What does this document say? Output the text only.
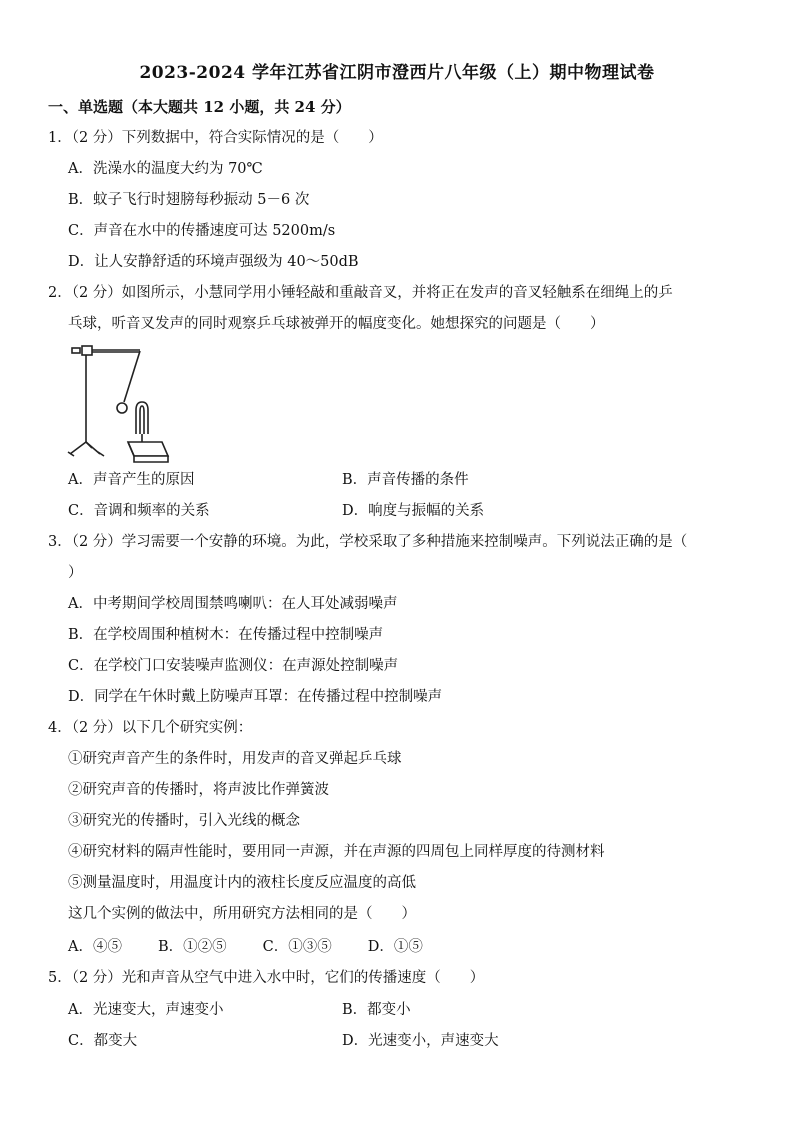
2023-2024 学年江苏省江阴市澄西片八年级（上）期中物理试卷
一、单选题（本大题共 12 小题，共 24 分）
1．（2 分）下列数据中，符合实际情况的是（　　）
A．洗澡水的温度大约为 70℃
B．蚊子飞行时翅膀每秒振动 5－6 次
C．声音在水中的传播速度可达 5200m/s
D．让人安静舒适的环境声强级为 40～50dB
2．（2 分）如图所示，小慧同学用小锤轻敲和重敲音叉，并将正在发声的音叉轻触系在细绳上的乒
乓球，听音叉发声的同时观察乒乓球被弹开的幅度变化。她想探究的问题是（　　）
A．声音产生的原因	B．声音传播的条件
C．音调和频率的关系	D．响度与振幅的关系
3．（2 分）学习需要一个安静的环境。为此，学校采取了多种措施来控制噪声。下列说法正确的是（
）
A．中考期间学校周围禁鸣喇叭：在人耳处减弱噪声
B．在学校周围种植树木：在传播过程中控制噪声
C．在学校门口安装噪声监测仪：在声源处控制噪声
D．同学在午休时戴上防噪声耳罩：在传播过程中控制噪声
4．（2 分）以下几个研究实例：
①研究声音产生的条件时，用发声的音叉弹起乒乓球
②研究声音的传播时，将声波比作弹簧波
③研究光的传播时，引入光线的概念
④研究材料的隔声性能时，要用同一声源，并在声源的四周包上同样厚度的待测材料
⑤测量温度时，用温度计内的液柱长度反应温度的高低
这几个实例的做法中，所用研究方法相同的是（　　）
A．④⑤ B．①②⑤ C．①③⑤ D．①⑤
5．（2 分）光和声音从空气中进入水中时，它们的传播速度（　　）
A．光速变大，声速变小	B．都变小
C．都变大	D．光速变小，声速变大
